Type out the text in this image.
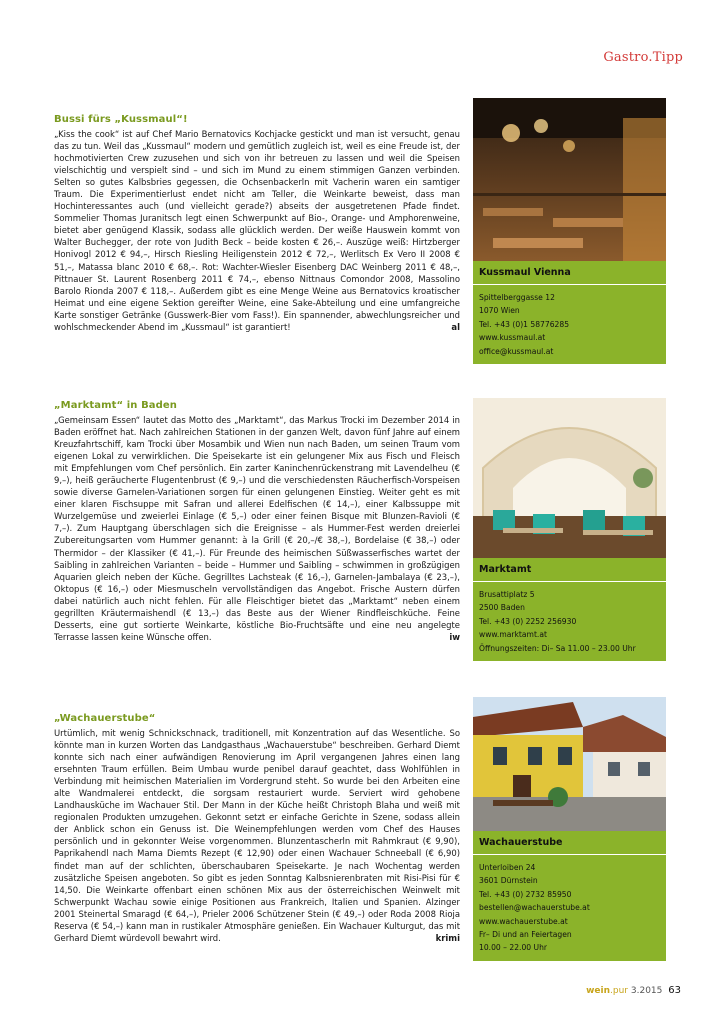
Gastro.Tipp
Bussi fürs „Kussmaul“!

„Kiss the cook“ ist auf Chef Mario Bernatovics Kochjacke gestickt und man ist versucht, genau das zu tun. Weil das „Kussmaul“ modern und gemütlich zugleich ist, weil es eine Freude ist, der hochmotivierten Crew zuzusehen und sich von ihr betreuen zu lassen und weil die Speisen vielschichtig und verspielt sind – und sich im Mund zu einem stimmigen Ganzen verbinden. Selten so gutes Kalbsbries gegessen, die Ochsenbackerln mit Vacherin waren ein samtiger Traum. Die Experimentierlust endet nicht am Teller, die Weinkarte beweist, dass man Hochinteressantes auch (und vielleicht gerade?) abseits der ausgetretenen Pfade findet. Sommelier Thomas Juranitsch legt einen Schwerpunkt auf Bio-, Orange- und Amphorenweine, bietet aber genügend Klassik, sodass alle glücklich werden. Der weiße Hauswein kommt von Walter Buchegger, der rote von Judith Beck – beide kosten € 26,–. Auszüge weiß: Hirtzberger Honivogl 2012 € 94,–, Hirsch Riesling Heiligenstein 2012 € 72,–, Werlitsch Ex Vero II 2008 € 51,–, Matassa blanc 2010 € 68,–. Rot: Wachter-Wiesler Eisenberg DAC Weinberg 2011 € 48,–, Pittnauer St. Laurent Rosenberg 2011 € 74,–, ebenso Nittnaus Comondor 2008, Massolino Barolo Rionda 2007 € 118,–. Außerdem gibt es eine Menge Weine aus Bernatovics kroatischer Heimat und eine eigene Sektion gereifter Weine, eine Sake-Abteilung und eine umfangreiche Karte sonstiger Getränke (Gusswerk-Bier vom Fass!). Ein spannender, abwechlungsreicher und wohlschmeckender Abend im „Kussmaul“ ist garantiert!	al

Kussmaul Vienna
Spittelberggasse 12
1070 Wien
Tel. +43 (0)1 58776285
www.kussmaul.at
office@kussmaul.at
„Marktamt“ in Baden

„Gemeinsam Essen“ lautet das Motto des „Marktamt“, das Markus Trocki im Dezember 2014 in Baden eröffnet hat. Nach zahlreichen Stationen in der ganzen Welt, davon fünf Jahre auf einem Kreuzfahrtschiff, kam Trocki über Mosambik und Wien nun nach Baden, um seinen Traum vom eigenen Lokal zu verwirklichen. Die Speisekarte ist ein gelungener Mix aus Fisch und Fleisch mit Empfehlungen vom Chef persönlich. Ein zarter Kaninchenrückenstrang mit Lavendelheu (€ 9,–), heiß geräucherte Flugentenbrust (€ 9,–) und die verschiedensten Räucherfisch-Vorspeisen sowie diverse Garnelen-Variationen sorgen für einen gelungenen Einstieg. Weiter geht es mit einer klaren Fischsuppe mit Safran und allerei Edelfischen (€ 14,–), einer Kalbssuppe mit Wurzelgemüse und zweierlei Einlage (€ 5,–) oder einer feinen Bisque mit Blunzen-Ravioli (€ 7,–). Zum Hauptgang überschlagen sich die Ereignisse – als Hummer-Fest werden dreierlei Zubereitungsarten vom Hummer genannt: à la Grill (€ 20,–/€ 38,–), Bordelaise (€ 38,–) oder Thermidor – der Klassiker (€ 41,–). Für Freunde des heimischen Süßwasserfisches wartet der Saibling in zahlreichen Varianten – beide – Hummer und Saibling – schwimmen in großzügigen Aquarien gleich neben der Küche. Gegrilltes Lachsteak (€ 16,–), Garnelen-Jambalaya (€ 23,–), Oktopus (€ 16,–) oder Miesmuscheln vervollständigen das Angebot. Frische Austern dürfen dabei natürlich auch nicht fehlen. Für alle Fleischtiger bietet das „Marktamt“ neben einem gegrillten Kräutermaishendl (€ 13,–) das Beste aus der Wiener Rindfleischküche. Feine Desserts, eine gut sortierte Weinkarte, köstliche Bio-Fruchtsäfte und eine neu angelegte Terrasse lassen keine Wünsche offen.	iw

Marktamt
Brusattiplatz 5
2500 Baden
Tel. +43 (0) 2252 256930
www.marktamt.at
Öffnungszeiten: Di– Sa 11.00 – 23.00 Uhr
„Wachauerstube“

Urtümlich, mit wenig Schnickschnack, traditionell, mit Konzentration auf das Wesentliche. So könnte man in kurzen Worten das Landgasthaus „Wachauerstube“ beschreiben. Gerhard Diemt konnte sich nach einer aufwändigen Renovierung im April vergangenen Jahres einen lang ersehnten Traum erfüllen. Beim Umbau wurde penibel darauf geachtet, dass Wohlfühlen in Verbindung mit heimischen Materialien im Vordergrund steht. So wurde bei den Arbeiten eine alte Wandmalerei entdeckt, die sorgsam restauriert wurde. Serviert wird gehobene Landhausküche im Wachauer Stil. Der Mann in der Küche heißt Christoph Blaha und weiß mit regionalen Produkten umzugehen. Gekonnt setzt er einfache Gerichte in Szene, sodass allein der Anblick schon ein Genuss ist. Die Weinempfehlungen werden vom Chef des Hauses persönlich und in gekonnter Weise vorgenommen. Blunzentascherln mit Rahmkraut (€ 9,90), Paprikahendl nach Mama Diemts Rezept (€ 12,90) oder einen Wachauer Schneeball (€ 6,90) findet man auf der schlichten, überschaubaren Speisekarte. Je nach Wochentag werden zusätzliche Speisen angeboten. So gibt es jeden Sonntag Kalbsnierenbraten mit Risi-Pisi für € 14,50. Die Weinkarte offenbart einen schönen Mix aus der österreichischen Weinwelt mit Schwerpunkt Wachau sowie einige Positionen aus Frankreich, Italien und Spanien. Alzinger 2001 Steinertal Smaragd (€ 64,–), Prieler 2006 Schützener Stein (€ 49,–) oder Roda 2008 Rioja Reserva (€ 54,–) kann man in rustikaler Atmosphäre genießen. Ein Wachauer Kulturgut, das mit Gerhard Diemt würdevoll bewahrt wird.	krimi

Wachauerstube
Unterloiben 24
3601 Dürnstein
Tel. +43 (0) 2732 85950
bestellen@wachauerstube.at
www.wachauerstube.at
Fr– Di und an Feiertagen
10.00 – 22.00 Uhr
wein.pur 3.2015 63
